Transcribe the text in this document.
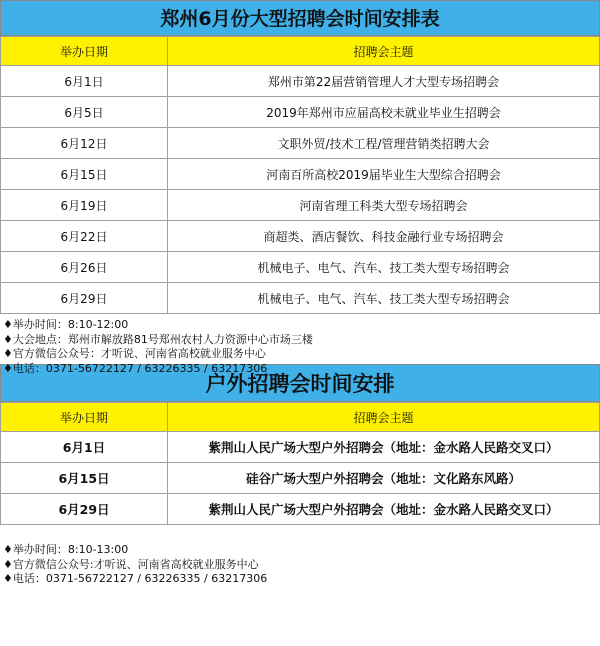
郑州6月份大型招聘会时间安排表
举办日期	招聘会主题
6月1日	郑州市第22届营销管理人才大型专场招聘会
6月5日	2019年郑州市应届高校未就业毕业生招聘会
6月12日	文职外贸/技术工程/管理营销类招聘大会
6月15日	河南百所高校2019届毕业生大型综合招聘会
6月19日	河南省理工科类大型专场招聘会
6月22日	商超类、酒店餐饮、科技金融行业专场招聘会
6月26日	机械电子、电气、汽车、技工类大型专场招聘会
6月29日	机械电子、电气、汽车、技工类大型专场招聘会
♦举办时间：8:10-12:00
♦大会地点：郑州市解放路81号郑州农村人力资源中心市场三楼
♦官方微信公众号：才听说、河南省高校就业服务中心
♦电话：0371-56722127 / 63226335 / 63217306
户外招聘会时间安排
举办日期	招聘会主题
6月1日	紫荆山人民广场大型户外招聘会（地址：金水路人民路交叉口）
6月15日	硅谷广场大型户外招聘会（地址：文化路东风路）
6月29日	紫荆山人民广场大型户外招聘会（地址：金水路人民路交叉口）
♦举办时间：8:10-13:00
♦官方微信公众号:才听说、河南省高校就业服务中心
♦电话：0371-56722127 / 63226335 / 63217306
